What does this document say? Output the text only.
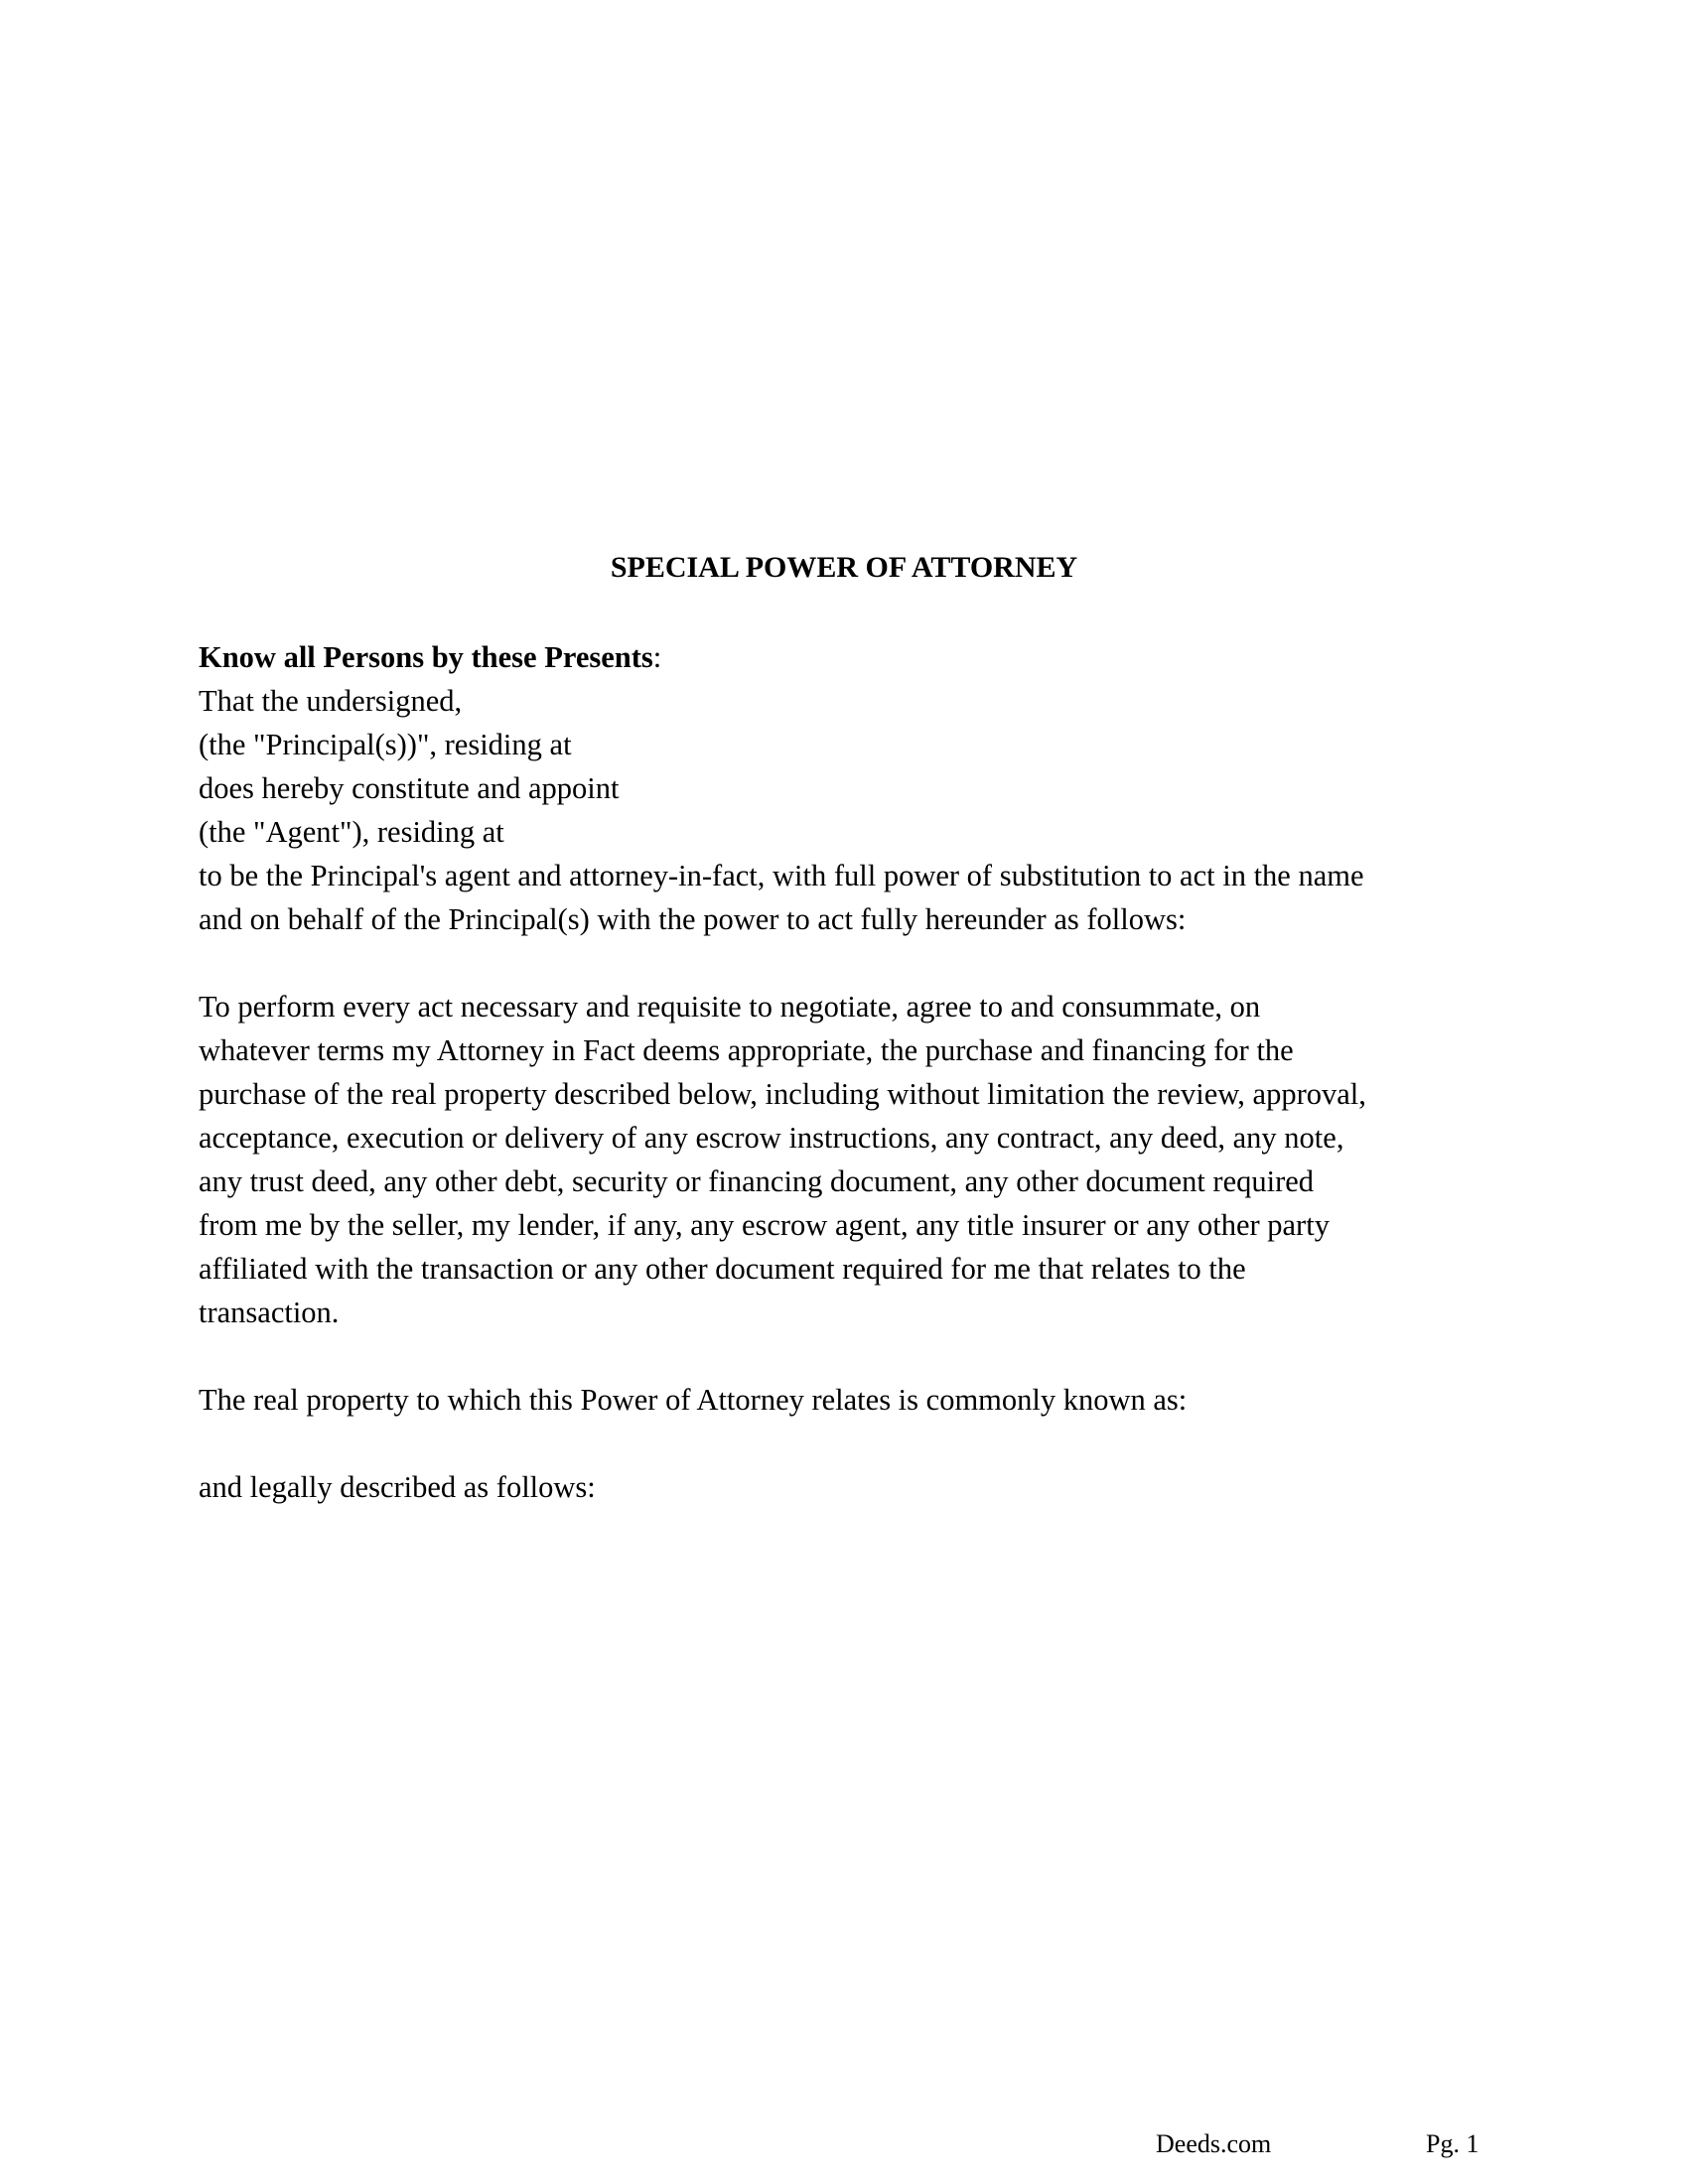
SPECIAL POWER OF ATTORNEY
Know all Persons by these Presents:
That the undersigned,
(the "Principal(s))", residing at
does hereby constitute and appoint
(the "Agent"), residing at
to be the Principal's agent and attorney-in-fact, with full power of substitution to act in the name
and on behalf of the Principal(s) with the power to act fully hereunder as follows:
To perform every act necessary and requisite to negotiate, agree to and consummate, on
whatever terms my Attorney in Fact deems appropriate, the purchase and financing for the
purchase of the real property described below, including without limitation the review, approval,
acceptance, execution or delivery of any escrow instructions, any contract, any deed, any note,
any trust deed, any other debt, security or financing document, any other document required
from me by the seller, my lender, if any, any escrow agent, any title insurer or any other party
affiliated with the transaction or any other document required for me that relates to the
transaction.
The real property to which this Power of Attorney relates is commonly known as:
and legally described as follows:
Deeds.com	Pg. 1
